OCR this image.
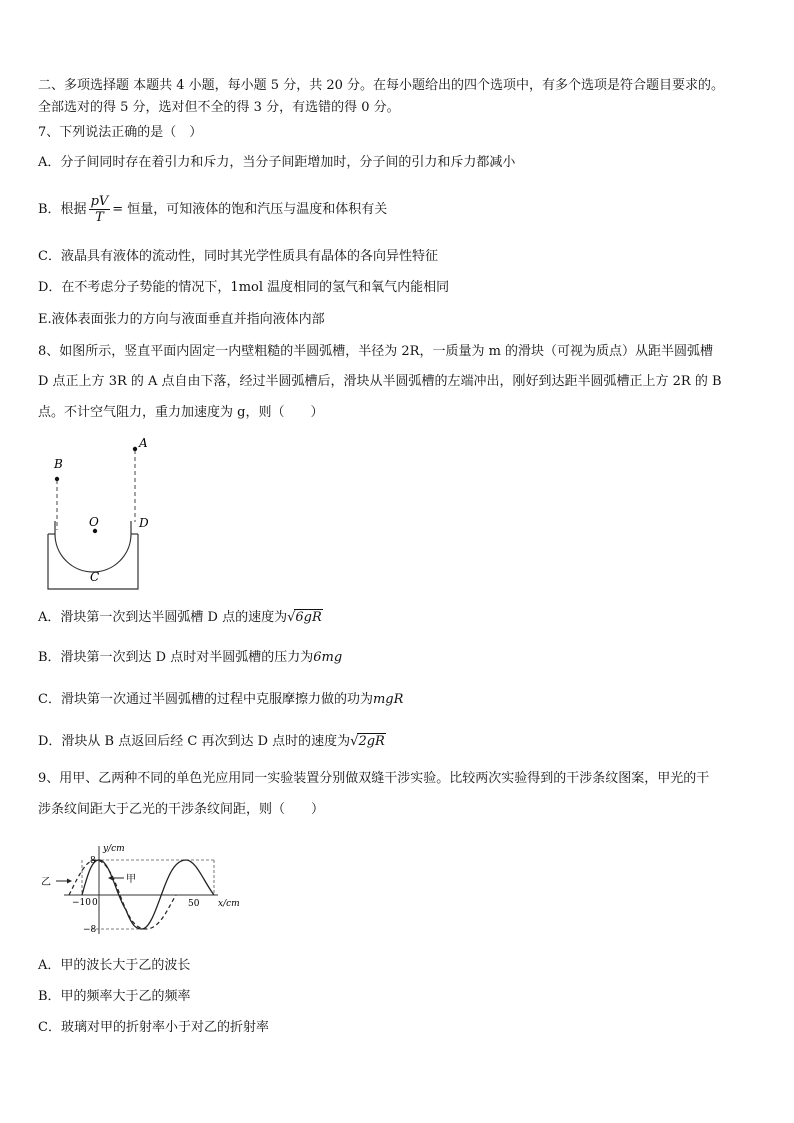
二、多项选择题 本题共 4 小题，每小题 5 分，共 20 分。在每小题给出的四个选项中，有多个选项是符合题目要求的。
全部选对的得 5 分，选对但不全的得 3 分，有选错的得 0 分。
7、下列说法正确的是（　）
A．分子间同时存在着引力和斥力，当分子间距增加时，分子间的引力和斥力都减小
B．根据 $\frac{pV}{T}$ = 恒量，可知液体的饱和汽压与温度和体积有关
C．液晶具有液体的流动性，同时其光学性质具有晶体的各向异性特征
D．在不考虑分子势能的情况下，1mol 温度相同的氢气和氧气内能相同
E.液体表面张力的方向与液面垂直并指向液体内部
8、如图所示，竖直平面内固定一内壁粗糙的半圆弧槽，半径为 2R，一质量为 m 的滑块（可视为质点）从距半圆弧槽
D 点正上方 3R 的 A 点自由下落，经过半圆弧槽后，滑块从半圆弧槽的左端冲出，刚好到达距半圆弧槽正上方 2R 的 B
点。不计空气阻力，重力加速度为 g，则（　　）
B
A
O	D
C
A．滑块第一次到达半圆弧槽 D 点的速度为√6gR
B．滑块第一次到达 D 点时对半圆弧槽的压力为6mg
C．滑块第一次通过半圆弧槽的过程中克服摩擦力做的功为mgR
D．滑块从 B 点返回后经 C 再次到达 D 点时的速度为√2gR
9、用甲、乙两种不同的单色光应用同一实验装置分别做双缝干涉实验。比较两次实验得到的干涉条纹图案，甲光的干
涉条纹间距大于乙光的干涉条纹间距，则（　　）
y/cm
x/cm
8
−8
−10 0	50
甲
乙
A．甲的波长大于乙的波长
B．甲的频率大于乙的频率
C．玻璃对甲的折射率小于对乙的折射率
